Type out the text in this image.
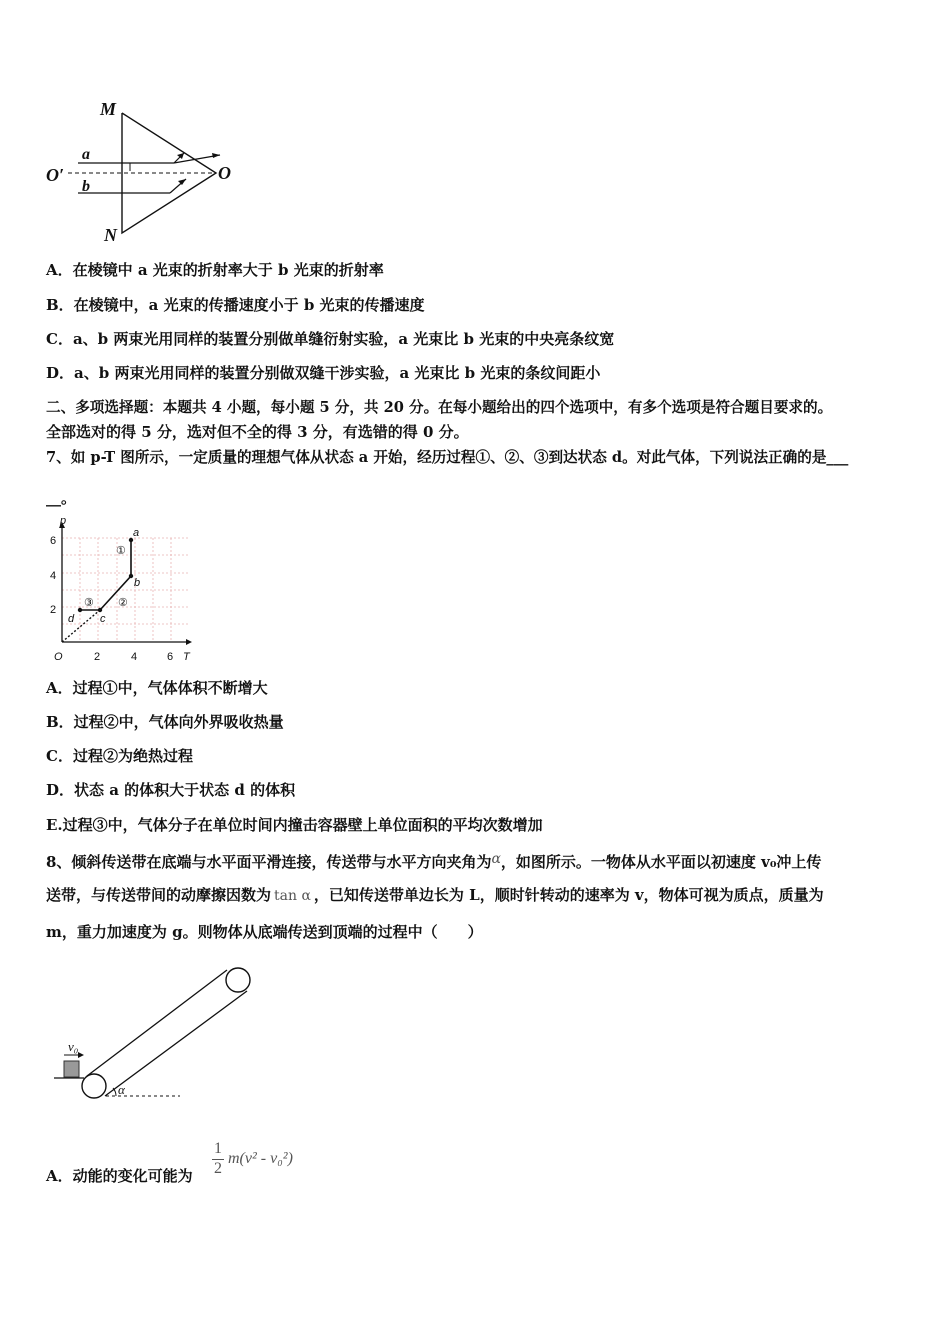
M
N
O′	O
a
b
A．在棱镜中 a 光束的折射率大于 b 光束的折射率
B．在棱镜中，a 光束的传播速度小于 b 光束的传播速度
C．a、b 两束光用同样的装置分别做单缝衍射实验，a 光束比 b 光束的中央亮条纹宽
D．a、b 两束光用同样的装置分别做双缝干涉实验，a 光束比 b 光束的条纹间距小
二、多项选择题：本题共 4 小题，每小题 5 分，共 20 分。在每小题给出的四个选项中，有多个选项是符合题目要求的。
全部选对的得 5 分，选对但不全的得 3 分，有选错的得 0 分。
7、如 p-T 图所示，一定质量的理想气体从状态 a 开始，经历过程①、②、③到达状态 d。对此气体，下列说法正确的是___
__。
p
T
O	2	4	6
2
4
6
a
b
c
d
①
②
③
A．过程①中，气体体积不断增大
B．过程②中，气体向外界吸收热量
C．过程②为绝热过程
D．状态 a 的体积大于状态 d 的体积
E.过程③中，气体分子在单位时间内撞击容器壁上单位面积的平均次数增加
8、倾斜传送带在底端与水平面平滑连接，传送带与水平方向夹角为α，如图所示。一物体从水平面以初速度 v₀冲上传
送带，与传送带间的动摩擦因数为 tan α ，已知传送带单边长为 L，顺时针转动的速率为 v，物体可视为质点，质量为
m，重力加速度为 g。则物体从底端传送到顶端的过程中（　　）
v₀
α
A．动能的变化可能为
1
2
m(v² - v₀²)
